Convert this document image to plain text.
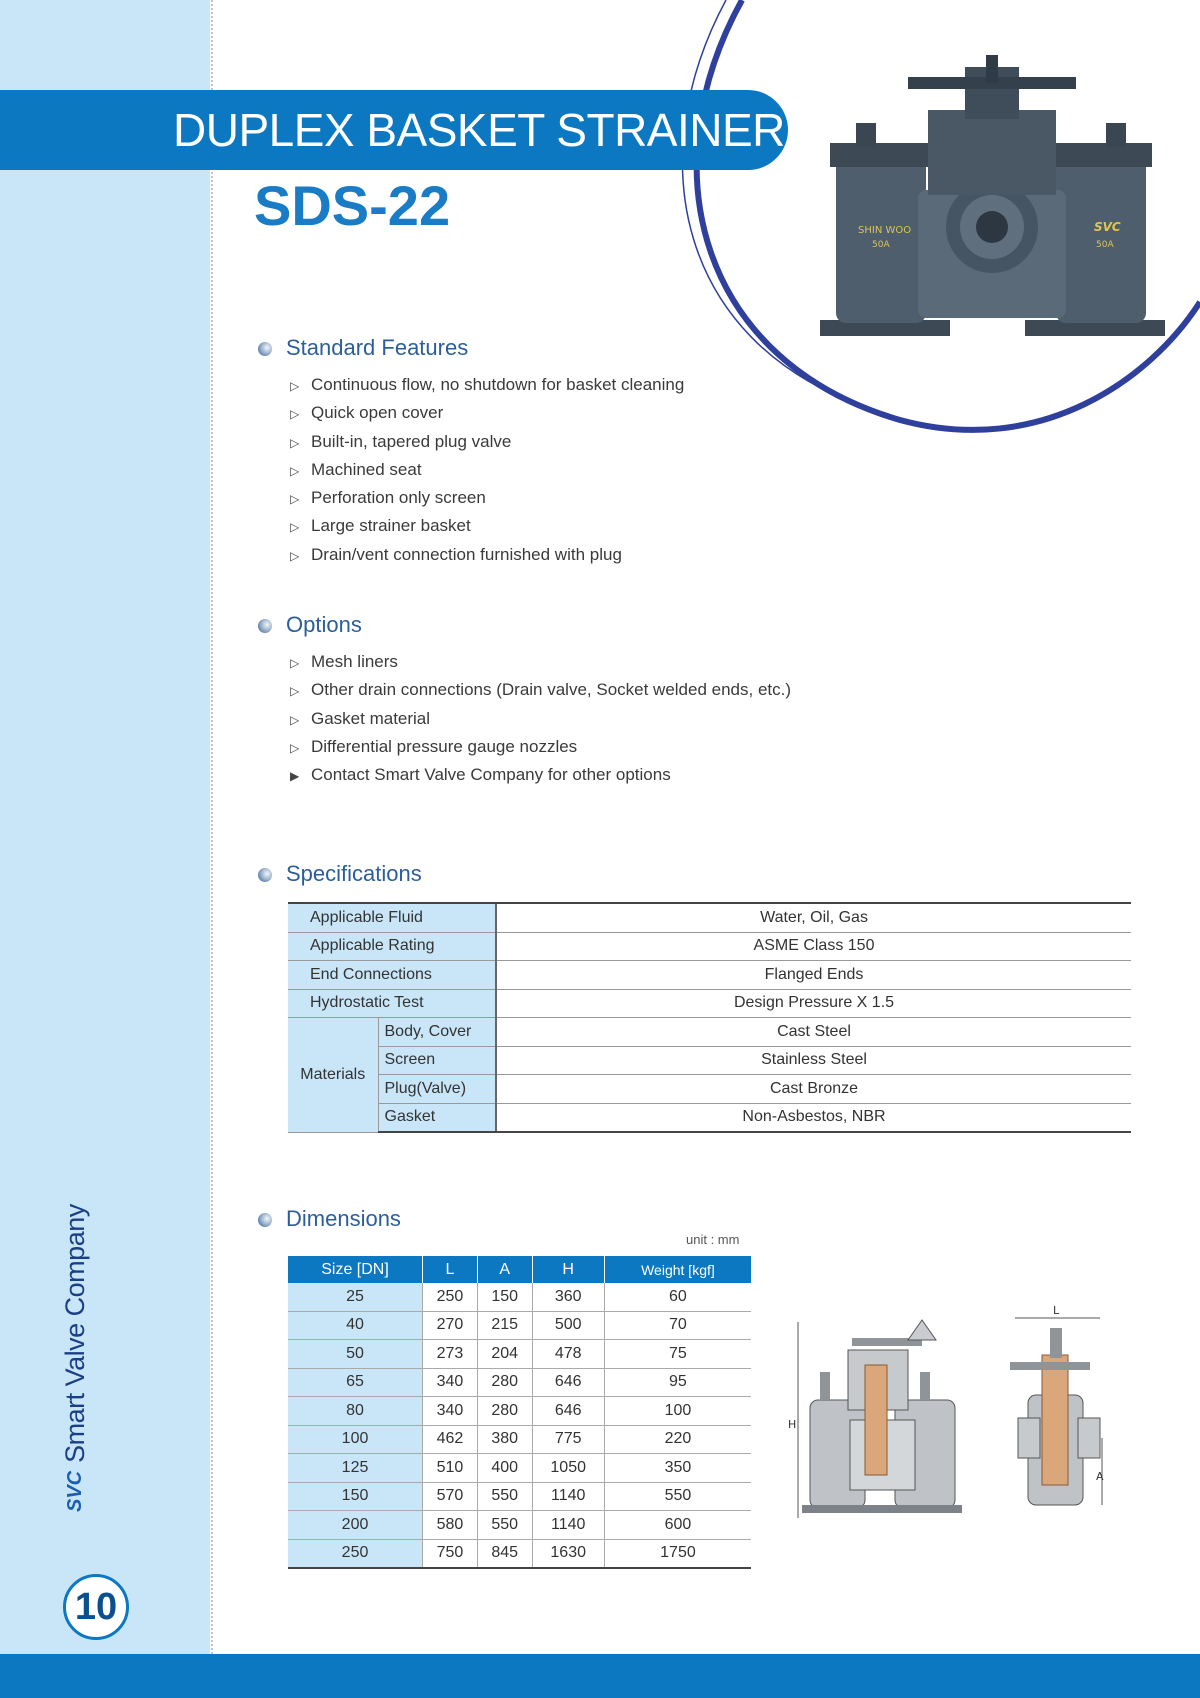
DUPLEX BASKET STRAINER
SDS-22	SHIN WOO
50A
SVC
50A
Standard Features
▷ Continuous flow, no shutdown for basket cleaning
▷ Quick open cover
▷ Built-in, tapered plug valve
▷ Machined seat
▷ Perforation only screen
▷ Large strainer basket
▷ Drain/vent connection furnished with plug
Options
▷ Mesh liners
▷ Other drain connections (Drain valve, Socket welded ends, etc.)
▷ Gasket material
▷ Differential pressure gauge nozzles
▶ Contact Smart Valve Company for other options
Specifications
Applicable Fluid		Water, Oil, Gas
Applicable Rating		ASME Class 150
End Connections		Flanged Ends
Hydrostatic Test		Design Pressure X 1.5
Materials	Body, Cover	Cast Steel
	Screen	Stainless Steel
	Plug(Valve)	Cast Bronze
	Gasket	Non-Asbestos, NBR
Dimensions
unit : mm
Size [DN]	L	A	H	Weight [kgf]
25	250	150	360	60
40	270	215	500	70
50	273	204	478	75
65	340	280	646	95
80	340	280	646	100
100	462	380	775	220
125	510	400	1050	350
150	570	550	1140	550
200	580	550	1140	600
250	750	845	1630	1750
H
L
A
SVC
Smart Valve Company
10
